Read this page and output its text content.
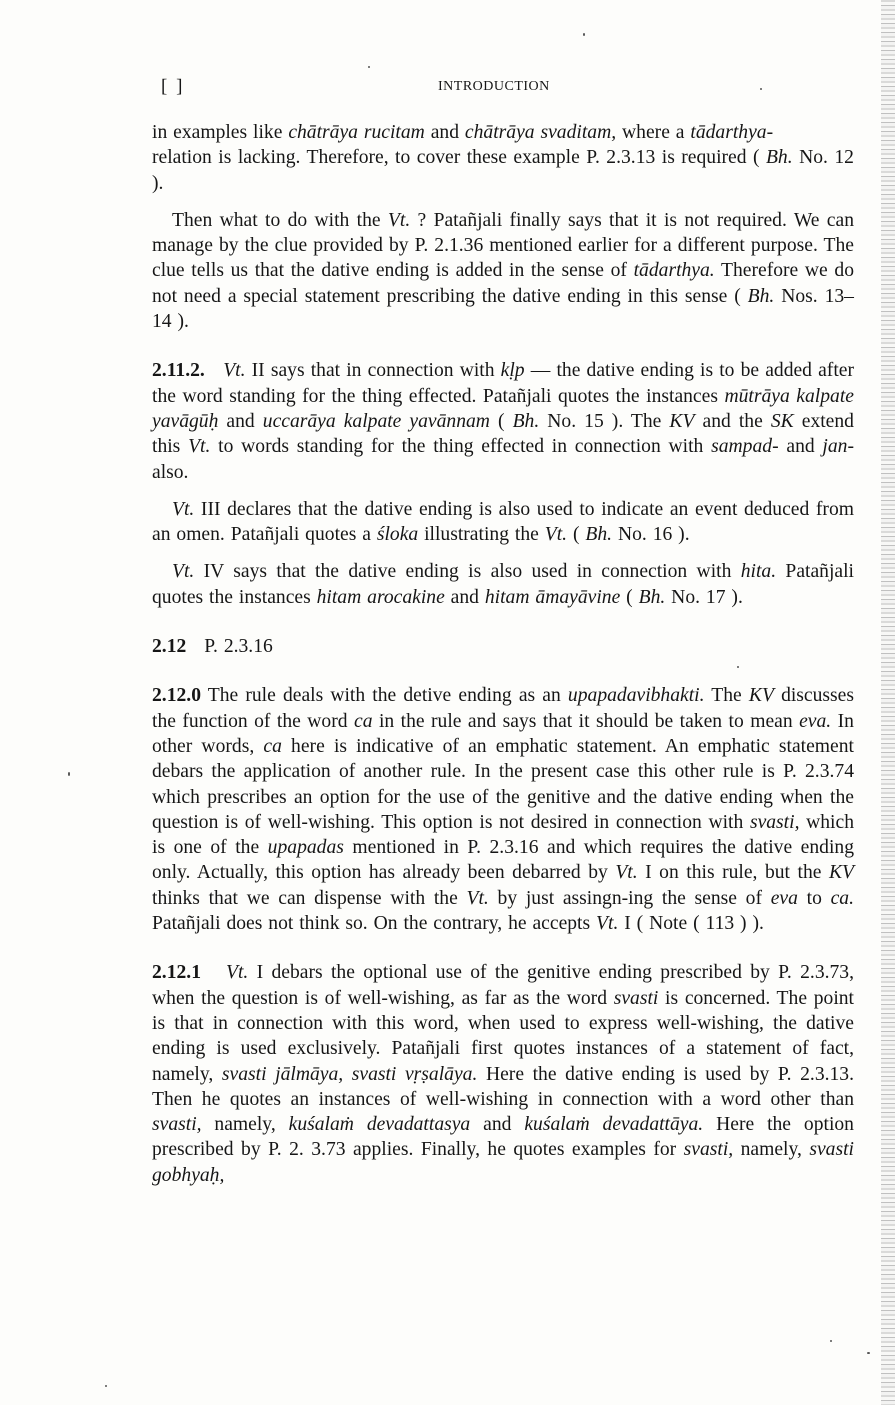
[ ]	INTRODUCTION

in examples like chātrāya rucitam and chātrāya svaditam, where a tādarthya-
relation is lacking. Therefore, to cover these example P. 2.3.13 is required ( Bh. No. 12 ).

Then what to do with the Vt. ? Patañjali finally says that it is not required. We can manage by the clue provided by P. 2.1.36 mentioned earlier for a different purpose. The clue tells us that the dative ending is added in the sense of tādarthya. Therefore we do not need a special statement prescribing the dative ending in this sense ( Bh. Nos. 13–14 ).

2.11.2. Vt. II says that in connection with kḷp — the dative ending is to be added after the word standing for the thing effected. Patañjali quotes the instances mūtrāya kalpate yavāgūḥ and uccarāya kalpate yavānnam ( Bh. No. 15 ). The KV and the SK extend this Vt. to words standing for the thing effected in connection with sampad- and jan- also.

Vt. III declares that the dative ending is also used to indicate an event deduced from an omen. Patañjali quotes a śloka illustrating the Vt. ( Bh. No. 16 ).

Vt. IV says that the dative ending is also used in connection with hita. Patañjali quotes the instances hitam arocakine and hitam āmayāvine ( Bh. No. 17 ).

2.12 P. 2.3.16

2.12.0 The rule deals with the detive ending as an upapadavibhakti. The KV discusses the function of the word ca in the rule and says that it should be taken to mean eva. In other words, ca here is indicative of an emphatic statement. An emphatic statement debars the application of another rule. In the present case this other rule is P. 2.3.74 which prescribes an option for the use of the genitive and the dative ending when the question is of well-wishing. This option is not desired in connection with svasti, which is one of the upapadas mentioned in P. 2.3.16 and which requires the dative ending only. Actually, this option has already been debarred by Vt. I on this rule, but the KV thinks that we can dispense with the Vt. by just assingn-ing the sense of eva to ca. Patañjali does not think so. On the contrary, he accepts Vt. I ( Note ( 113 ) ).

2.12.1 Vt. I debars the optional use of the genitive ending prescribed by P. 2.3.73, when the question is of well-wishing, as far as the word svasti is concerned. The point is that in connection with this word, when used to express well-wishing, the dative ending is used exclusively. Patañjali first quotes instances of a statement of fact, namely, svasti jālmāya, svasti vṛṣalāya. Here the dative ending is used by P. 2.3.13. Then he quotes an instances of well-wishing in connection with a word other than svasti, namely, kuśalaṁ devadattasya and kuśalaṁ devadattāya. Here the option prescribed by P. 2. 3.73 applies. Finally, he quotes examples for svasti, namely, svasti gobhyaḥ,
